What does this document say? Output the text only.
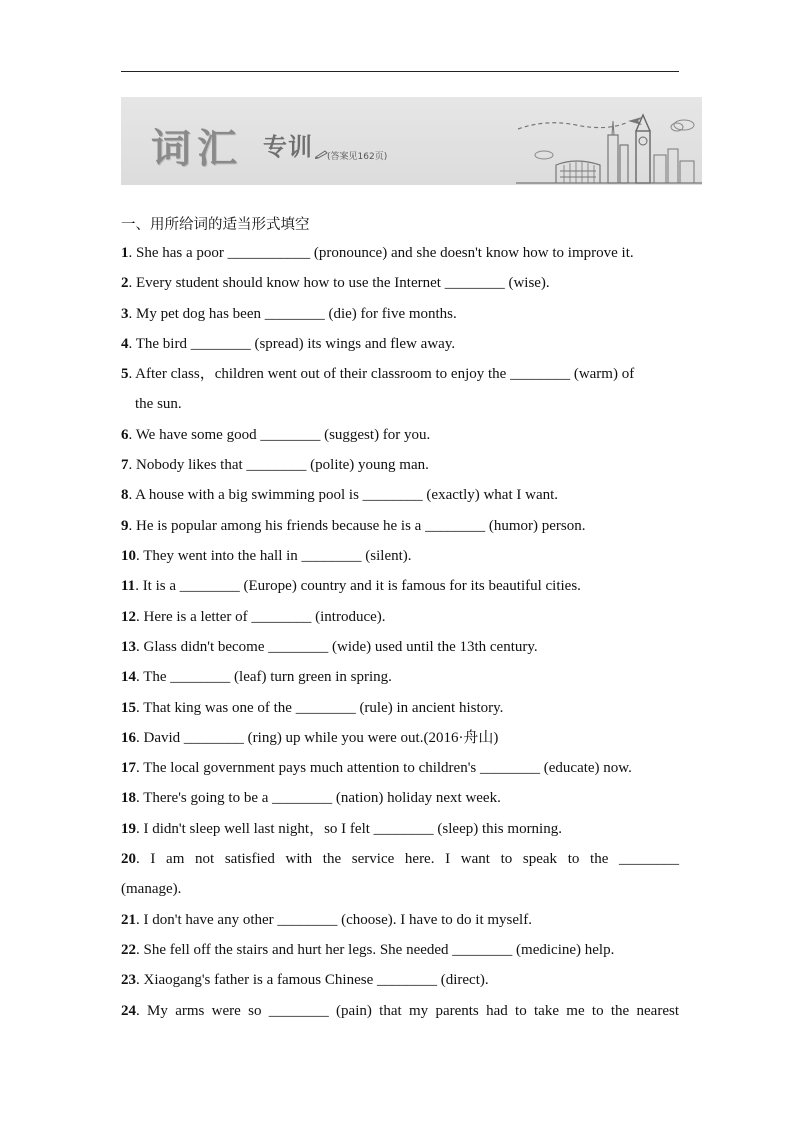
词汇 专训 (答案见162页)
一、用所给词的适当形式填空
1. She has a poor ___________ (pronounce) and she doesn't know how to improve it.
2. Every student should know how to use the Internet ________ (wise).
3. My pet dog has been ________ (die) for five months.
4. The bird ________ (spread) its wings and flew away.
5. After class，children went out of their classroom to enjoy the ________ (warm) of
the sun.
6. We have some good ________ (suggest) for you.
7. Nobody likes that ________ (polite) young man.
8. A house with a big swimming pool is ________ (exactly) what I want.
9. He is popular among his friends because he is a ________ (humor) person.
10. They went into the hall in ________ (silent).
11. It is a ________ (Europe) country and it is famous for its beautiful cities.
12. Here is a letter of ________ (introduce).
13. Glass didn't become ________ (wide) used until the 13th century.
14. The ________ (leaf) turn green in spring.
15. That king was one of the ________ (rule) in ancient history.
16. David ________ (ring) up while you were out.(2016·舟山)
17. The local government pays much attention to children's ________ (educate) now.
18. There's going to be a ________ (nation) holiday next week.
19. I didn't sleep well last night，so I felt ________ (sleep) this morning.
20. I am not satisfied with the service here. I want to speak to the ________
(manage).
21. I don't have any other ________ (choose). I have to do it myself.
22. She fell off the stairs and hurt her legs. She needed ________ (medicine) help.
23. Xiaogang's father is a famous Chinese ________ (direct).
24. My arms were so ________ (pain) that my parents had to take me to the nearest
